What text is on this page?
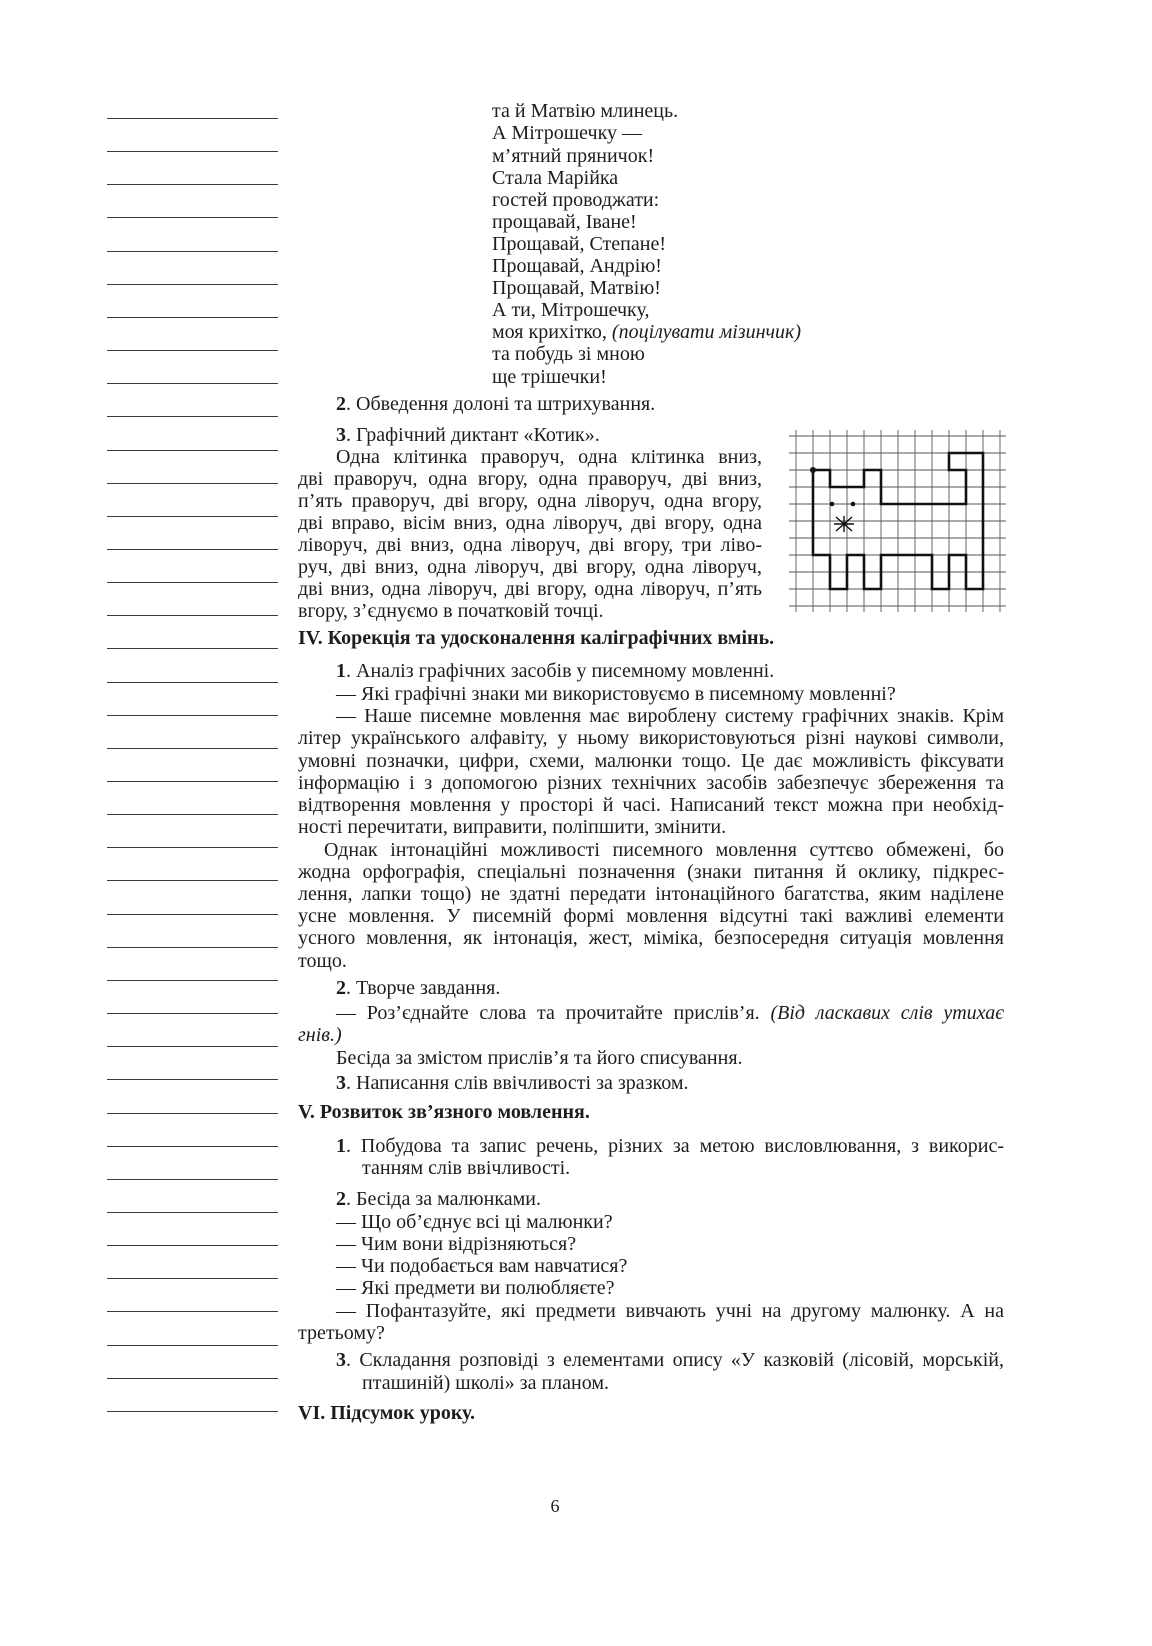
та й Матвію млинець.
А Мітрошечку —
м’ятний пряничок!
Стала Марійка
гостей проводжати:
прощавай, Іване!
Прощавай, Степане!
Прощавай, Андрію!
Прощавай, Матвію!
А ти, Мітрошечку,
моя крихітко, (поцілувати мізинчик)
та побудь зі мною
ще трішечки!
2. Обведення долоні та штрихування.
3. Графічний диктант «Котик».
Одна клітинка праворуч, одна клітинка вниз,
дві праворуч, одна вгору, одна праворуч, дві вниз,
п’ять праворуч, дві вгору, одна ліворуч, одна вгору,
дві вправо, вісім вниз, одна ліворуч, дві вгору, одна
ліворуч, дві вниз, одна ліворуч, дві вгору, три ліво-
руч, дві вниз, одна ліворуч, дві вгору, одна ліворуч,
дві вниз, одна ліворуч, дві вгору, одна ліворуч, п’ять
вгору, з’єднуємо в початковій точці.
IV. Корекція та удосконалення каліграфічних вмінь.
1. Аналіз графічних засобів у писемному мовленні.
— Які графічні знаки ми використовуємо в писемному мовленні?
— Наше писемне мовлення має вироблену систему графічних знаків. Крім
літер українського алфавіту, у ньому використовуються різні наукові символи,
умовні позначки, цифри, схеми, малюнки тощо. Це дає можливість фіксувати
інформацію і з допомогою різних технічних засобів забезпечує збереження та
відтворення мовлення у просторі й часі. Написаний текст можна при необхід-
ності перечитати, виправити, поліпшити, змінити.
Однак інтонаційні можливості писемного мовлення суттєво обмежені, бо
жодна орфографія, спеціальні позначення (знаки питання й оклику, підкрес-
лення, лапки тощо) не здатні передати інтонаційного багатства, яким наділене
усне мовлення. У писемній формі мовлення відсутні такі важливі елементи
усного мовлення, як інтонація, жест, міміка, безпосередня ситуація мовлення
тощо.
2. Творче завдання.
— Роз’єднайте слова та прочитайте прислів’я. (Від ласкавих слів утихає
гнів.)
Бесіда за змістом прислів’я та його списування.
3. Написання слів ввічливості за зразком.
V. Розвиток зв’язного мовлення.
1. Побудова та запис речень, різних за метою висловлювання, з викорис-
танням слів ввічливості.
2. Бесіда за малюнками.
— Що об’єднує всі ці малюнки?
— Чим вони відрізняються?
— Чи подобається вам навчатися?
— Які предмети ви полюбляєте?
— Пофантазуйте, які предмети вивчають учні на другому малюнку. А на
третьому?
3. Складання розповіді з елементами опису «У казковій (лісовій, морській,
пташиній) школі» за планом.
VI. Підсумок уроку.
6
